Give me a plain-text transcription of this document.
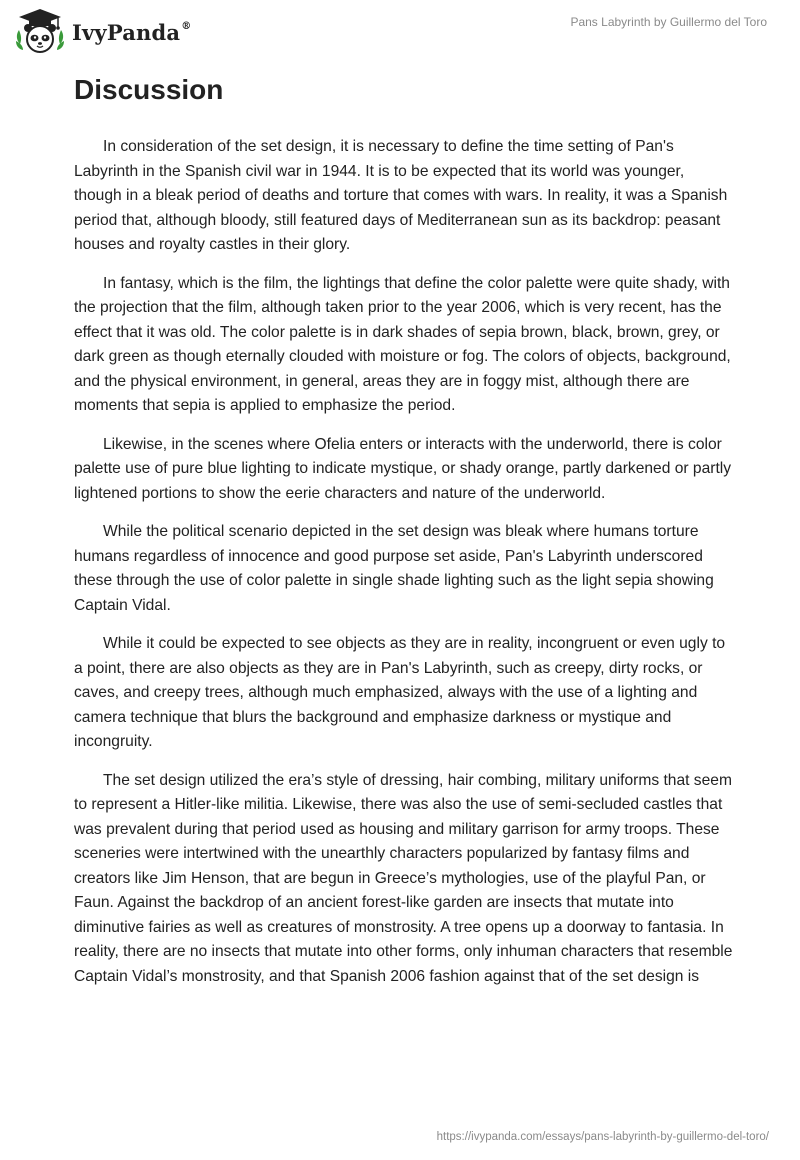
IvyPanda®	Pans Labyrinth by Guillermo del Toro
Discussion

In consideration of the set design, it is necessary to define the time setting of Pan's Labyrinth in the Spanish civil war in 1944. It is to be expected that its world was younger, though in a bleak period of deaths and torture that comes with wars. In reality, it was a Spanish period that, although bloody, still featured days of Mediterranean sun as its backdrop: peasant houses and royalty castles in their glory.

In fantasy, which is the film, the lightings that define the color palette were quite shady, with the projection that the film, although taken prior to the year 2006, which is very recent, has the effect that it was old. The color palette is in dark shades of sepia brown, black, brown, grey, or dark green as though eternally clouded with moisture or fog. The colors of objects, background, and the physical environment, in general, areas they are in foggy mist, although there are moments that sepia is applied to emphasize the period.

Likewise, in the scenes where Ofelia enters or interacts with the underworld, there is color palette use of pure blue lighting to indicate mystique, or shady orange, partly darkened or partly lightened portions to show the eerie characters and nature of the underworld.

While the political scenario depicted in the set design was bleak where humans torture humans regardless of innocence and good purpose set aside, Pan's Labyrinth underscored these through the use of color palette in single shade lighting such as the light sepia showing Captain Vidal.

While it could be expected to see objects as they are in reality, incongruent or even ugly to a point, there are also objects as they are in Pan's Labyrinth, such as creepy, dirty rocks, or caves, and creepy trees, although much emphasized, always with the use of a lighting and camera technique that blurs the background and emphasize darkness or mystique and incongruity.

The set design utilized the era’s style of dressing, hair combing, military uniforms that seem to represent a Hitler-like militia. Likewise, there was also the use of semi-secluded castles that was prevalent during that period used as housing and military garrison for army troops. These sceneries were intertwined with the unearthly characters popularized by fantasy films and creators like Jim Henson, that are begun in Greece’s mythologies, use of the playful Pan, or Faun. Against the backdrop of an ancient forest-like garden are insects that mutate into diminutive fairies as well as creatures of monstrosity. A tree opens up a doorway to fantasia. In reality, there are no insects that mutate into other forms, only inhuman characters that resemble Captain Vidal’s monstrosity, and that Spanish 2006 fashion against that of the set design is

https://ivypanda.com/essays/pans-labyrinth-by-guillermo-del-toro/
